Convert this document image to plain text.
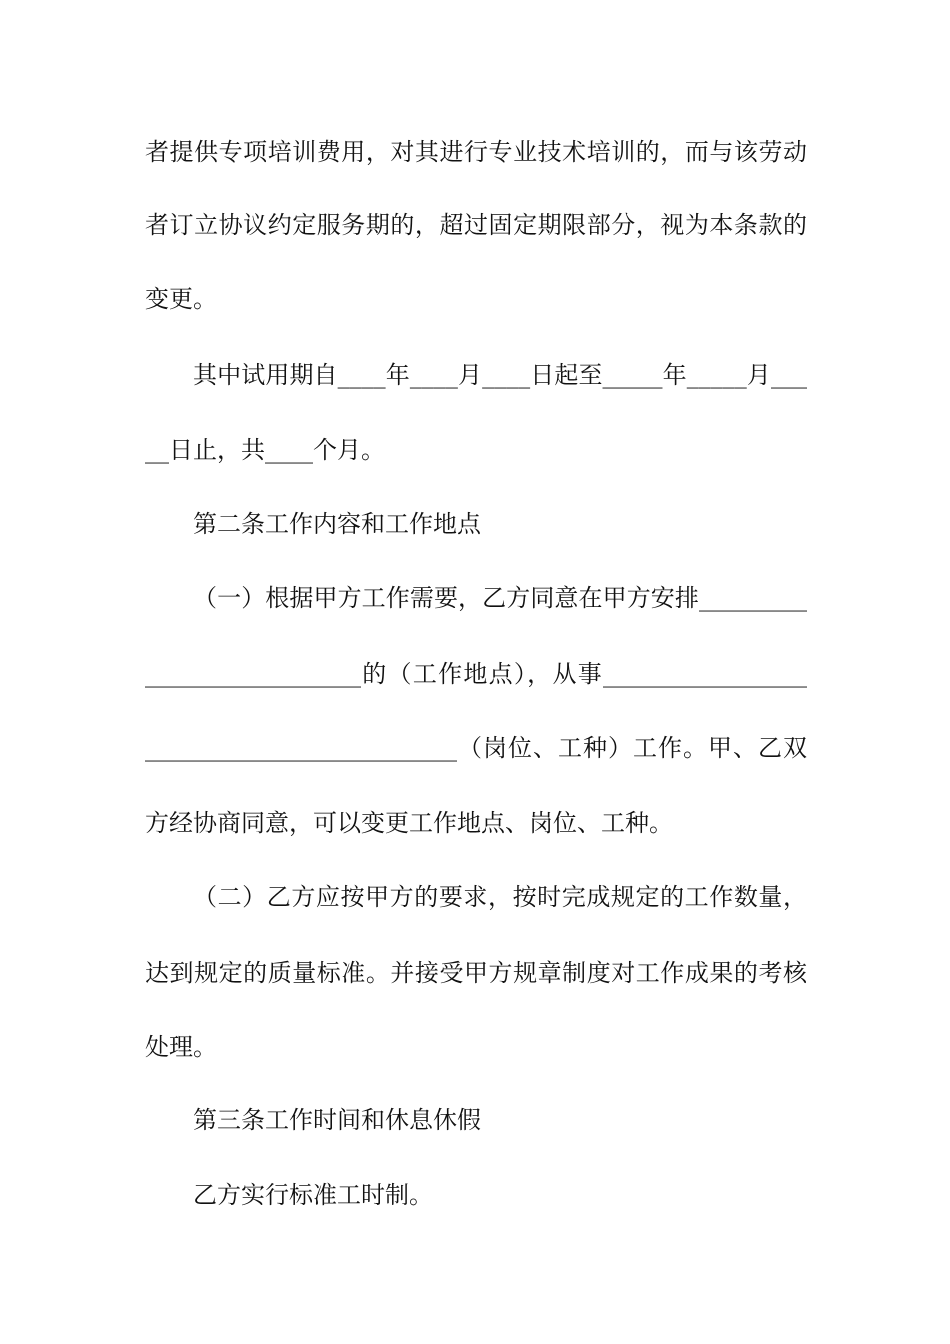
者提供专项培训费用，对其进行专业技术培训的，而与该劳动
者订立协议约定服务期的，超过固定期限部分，视为本条款的
变更。
其中试用期自____年____月____日起至_____年_____月___
__日止，共____个月。
第二条工作内容和工作地点
（一）根据甲方工作需要，乙方同意在甲方安排_________
__________________的（工作地点），从事_________________
__________________________（岗位、工种）工作。甲、乙双
方经协商同意，可以变更工作地点、岗位、工种。
（二）乙方应按甲方的要求，按时完成规定的工作数量，
达到规定的质量标准。并接受甲方规章制度对工作成果的考核
处理。
第三条工作时间和休息休假
乙方实行标准工时制。
